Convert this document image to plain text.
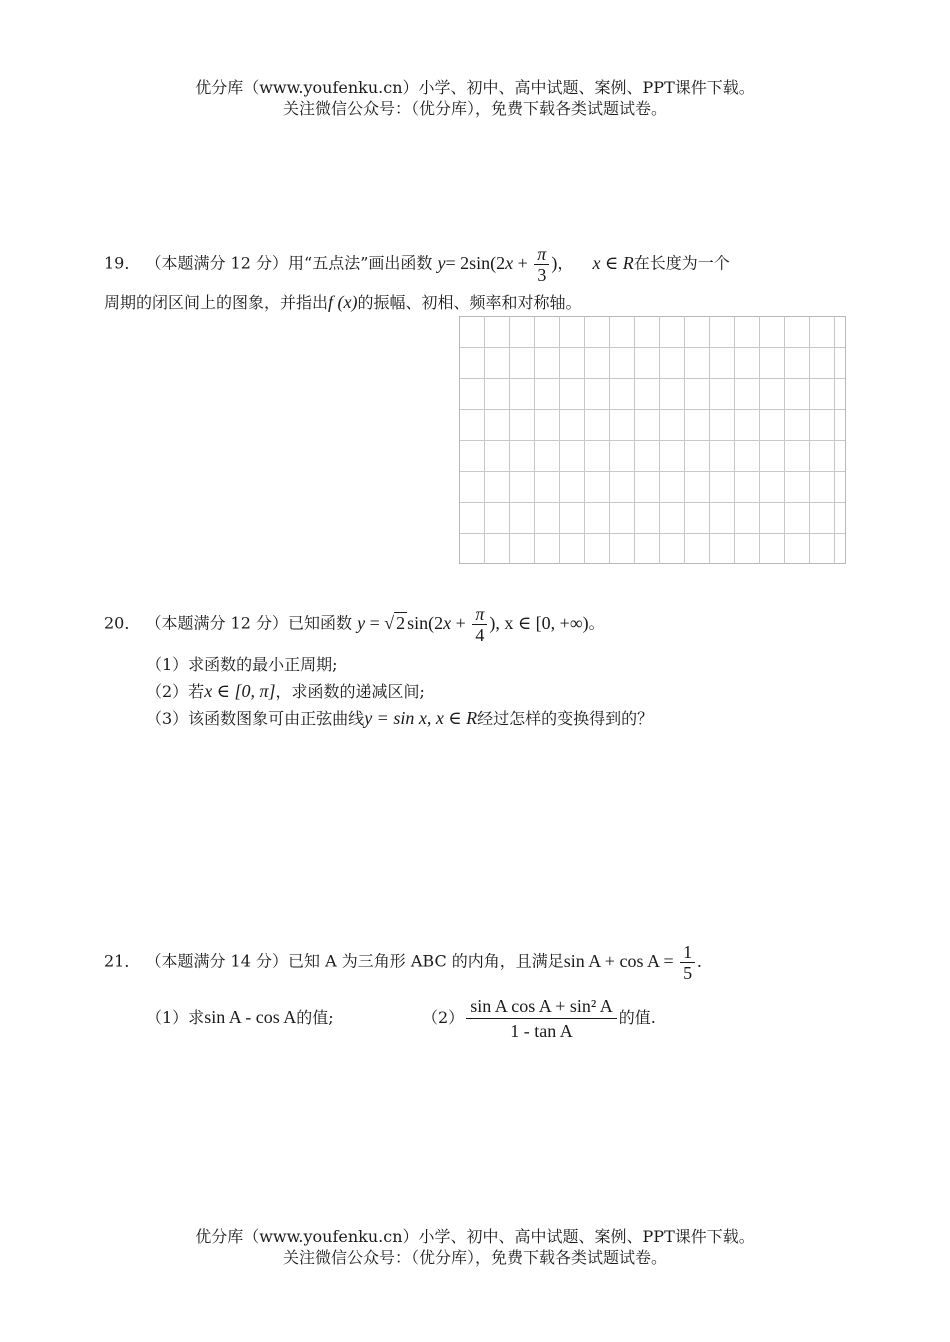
优分库（www.youfenku.cn）小学、初中、高中试题、案例、PPT课件下载。
关注微信公众号：（优分库），免费下载各类试题试卷。
19． （本题满分 12 分）用“五点法”画出函数 $y= 2\sin(2x + \frac{\pi}{3}$ )， x ∈ R在长度为一个
周期的闭区间上的图象，并指出f (x)的振幅、初相、频率和对称轴。
20． （本题满分 12 分）已知函数 y = √ 2 $\sin(2x + \frac{\pi}{4}$ ), x ∈ [0, +∞)。
（1）求函数的最小正周期;
（2）若x ∈ [0, π]，求函数的递减区间;
（3）该函数图象可由正弦曲线y = sin x, x ∈ R经过怎样的变换得到的？
21． （本题满分 14 分）已知 A 为三角形 ABC 的内角，且满足$\sin A + \cos A = \frac{1}{5}$ .
（1）求sin A - cos A的值;	$(2) \frac{\text{sin A cos A + sin² A}}{\text{1 - tan A}}$ 的值.
优分库（www.youfenku.cn）小学、初中、高中试题、案例、PPT课件下载。
关注微信公众号：（优分库），免费下载各类试题试卷。
